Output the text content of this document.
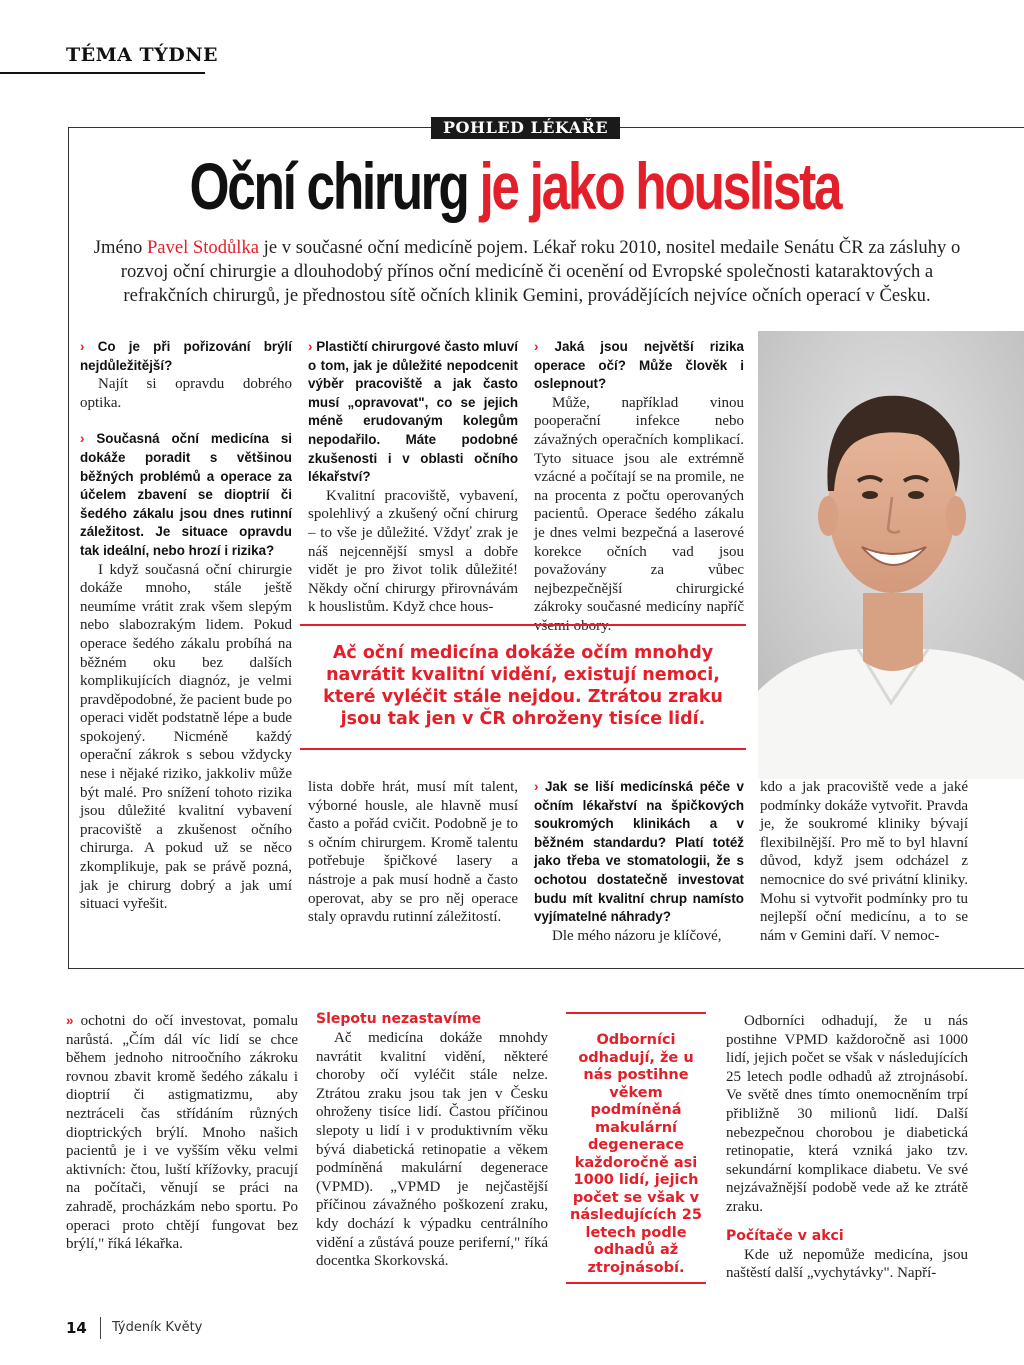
TÉMA TÝDNE
POHLED LÉKAŘE
Oční chirurg je jako houslista
Jméno Pavel Stodůlka je v současné oční medicíně pojem. Lékař roku 2010, nositel medaile Senátu ČR za zásluhy o rozvoj oční chirurgie a dlouhodobý přínos oční medicíně či ocenění od Evropské společnosti kataraktových a refrakčních chirurgů, je přednostou sítě očních klinik Gemini, provádějících nejvíce očních operací v Česku.

› Co je při pořizování brýlí nejdůležitější?

Najít si opravdu dobrého optika.

› Současná oční medicína si dokáže poradit s většinou běžných problémů a operace za účelem zbavení se dioptrií či šedého zákalu jsou dnes rutinní záležitost. Je situace opravdu tak ideální, nebo hrozí i rizika?

I když současná oční chirurgie dokáže mnoho, stále ještě neumíme vrátit zrak všem slepým nebo slabozrakým lidem. Pokud operace šedého zákalu probíhá na běžném oku bez dalších komplikujících diagnóz, je velmi pravděpodobné, že pacient bude po operaci vidět podstatně lépe a bude spokojený. Nicméně každý operační zákrok s sebou vždycky nese i nějaké riziko, jakkoliv může být malé. Pro snížení tohoto rizika jsou důležité kvalitní vybavení pracoviště a zkušenost očního chirurga. A pokud už se něco zkomplikuje, pak se právě pozná, jak je chirurg dobrý a jak umí situaci vyřešit.

› Plastičtí chirurgové často mluví o tom, jak je důležité nepodcenit výběr pracoviště a jak často musí „opravovat", co se jejich méně erudovaným kolegům nepodařilo. Máte podobné zkušenosti i v oblasti očního lékařství?

Kvalitní pracoviště, vybavení, spolehlivý a zkušený oční chirurg – to vše je důležité. Vždyť zrak je náš nejcennější smysl a dobře vidět je pro život tolik důležité! Někdy oční chirurgy přirovnávám k houslistům. Když chce hous-

› Jaká jsou největší rizika operace očí? Může člověk i oslepnout?

Může, například vinou pooperační infekce nebo závažných operačních komplikací. Tyto situace jsou ale extrémně vzácné a počítají se na promile, ne na procenta z počtu operovaných pacientů. Operace šedého zákalu je dnes velmi bezpečná a laserové korekce očních vad jsou považovány za vůbec nejbezpečnější chirurgické zákroky současné medicíny napříč všemi obory.

Ač oční medicína dokáže očím mnohdy navrátit kvalitní vidění, existují nemoci, které vyléčit stále nejdou. Ztrátou zraku jsou tak jen v ČR ohroženy tisíce lidí.

lista dobře hrát, musí mít talent, výborné housle, ale hlavně musí často a pořád cvičit. Podobně je to s očním chirurgem. Kromě talentu potřebuje špičkové lasery a nástroje a pak musí hodně a často operovat, aby se pro něj operace staly opravdu rutinní záležitostí.

› Jak se liší medicínská péče v očním lékařství na špičkových soukromých klinikách a v běžném standardu? Platí totéž jako třeba ve stomatologii, že s ochotou dostatečně investovat budu mít kvalitní chrup namísto vyjímatelné náhrady?

Dle mého názoru je klíčové,

kdo a jak pracoviště vede a jaké podmínky dokáže vytvořit. Pravda je, že soukromé kliniky bývají flexibilnější. Pro mě to byl hlavní důvod, když jsem odcházel z nemocnice do své privátní kliniky. Mohu si vytvořit podmínky pro tu nejlepší oční medicínu, a to se nám v Gemini daří. V nemoc-

» ochotni do očí investovat, pomalu narůstá. „Čím dál víc lidí se chce během jednoho nitroočního zákroku rovnou zbavit kromě šedého zákalu i dioptrií či astigmatizmu, aby neztráceli čas střídáním různých dioptrických brýlí. Mnoho našich pacientů je i ve vyšším věku velmi aktivních: čtou, luští křížovky, pracují na počítači, věnují se práci na zahradě, procházkám nebo sportu. Po operaci proto chtějí fungovat bez brýlí," říká lékařka.

Slepotu nezastavíme

Ač medicína dokáže mnohdy navrátit kvalitní vidění, některé choroby očí vyléčit stále nelze. Ztrátou zraku jsou tak jen v Česku ohroženy tisíce lidí. Častou příčinou slepoty u lidí i v produktivním věku bývá diabetická retinopatie a věkem podmíněná makulární degenerace (VPMD). „VPMD je nejčastější příčinou závažného poškození zraku, kdy dochází k výpadku centrálního vidění a zůstává pouze periferní," říká docentka Skorkovská.

Odborníci odhadují, že u nás postihne věkem podmíněná makulární degenerace každoročně asi 1000 lidí, jejich počet se však v následujících 25 letech podle odhadů až ztrojnásobí.

Odborníci odhadují, že u nás postihne VPMD každoročně asi 1000 lidí, jejich počet se však v následujících 25 letech podle odhadů až ztrojnásobí. Ve světě dnes tímto onemocněním trpí přibližně 30 milionů lidí. Další nebezpečnou chorobou je diabetická retinopatie, která vzniká jako tzv. sekundární komplikace diabetu. Ve své nejzávažnější podobě vede až ke ztrátě zraku.

Počítače v akci

Kde už nepomůže medicína, jsou naštěstí další „vychytávky". Napří-

14 Týdeník Květy
